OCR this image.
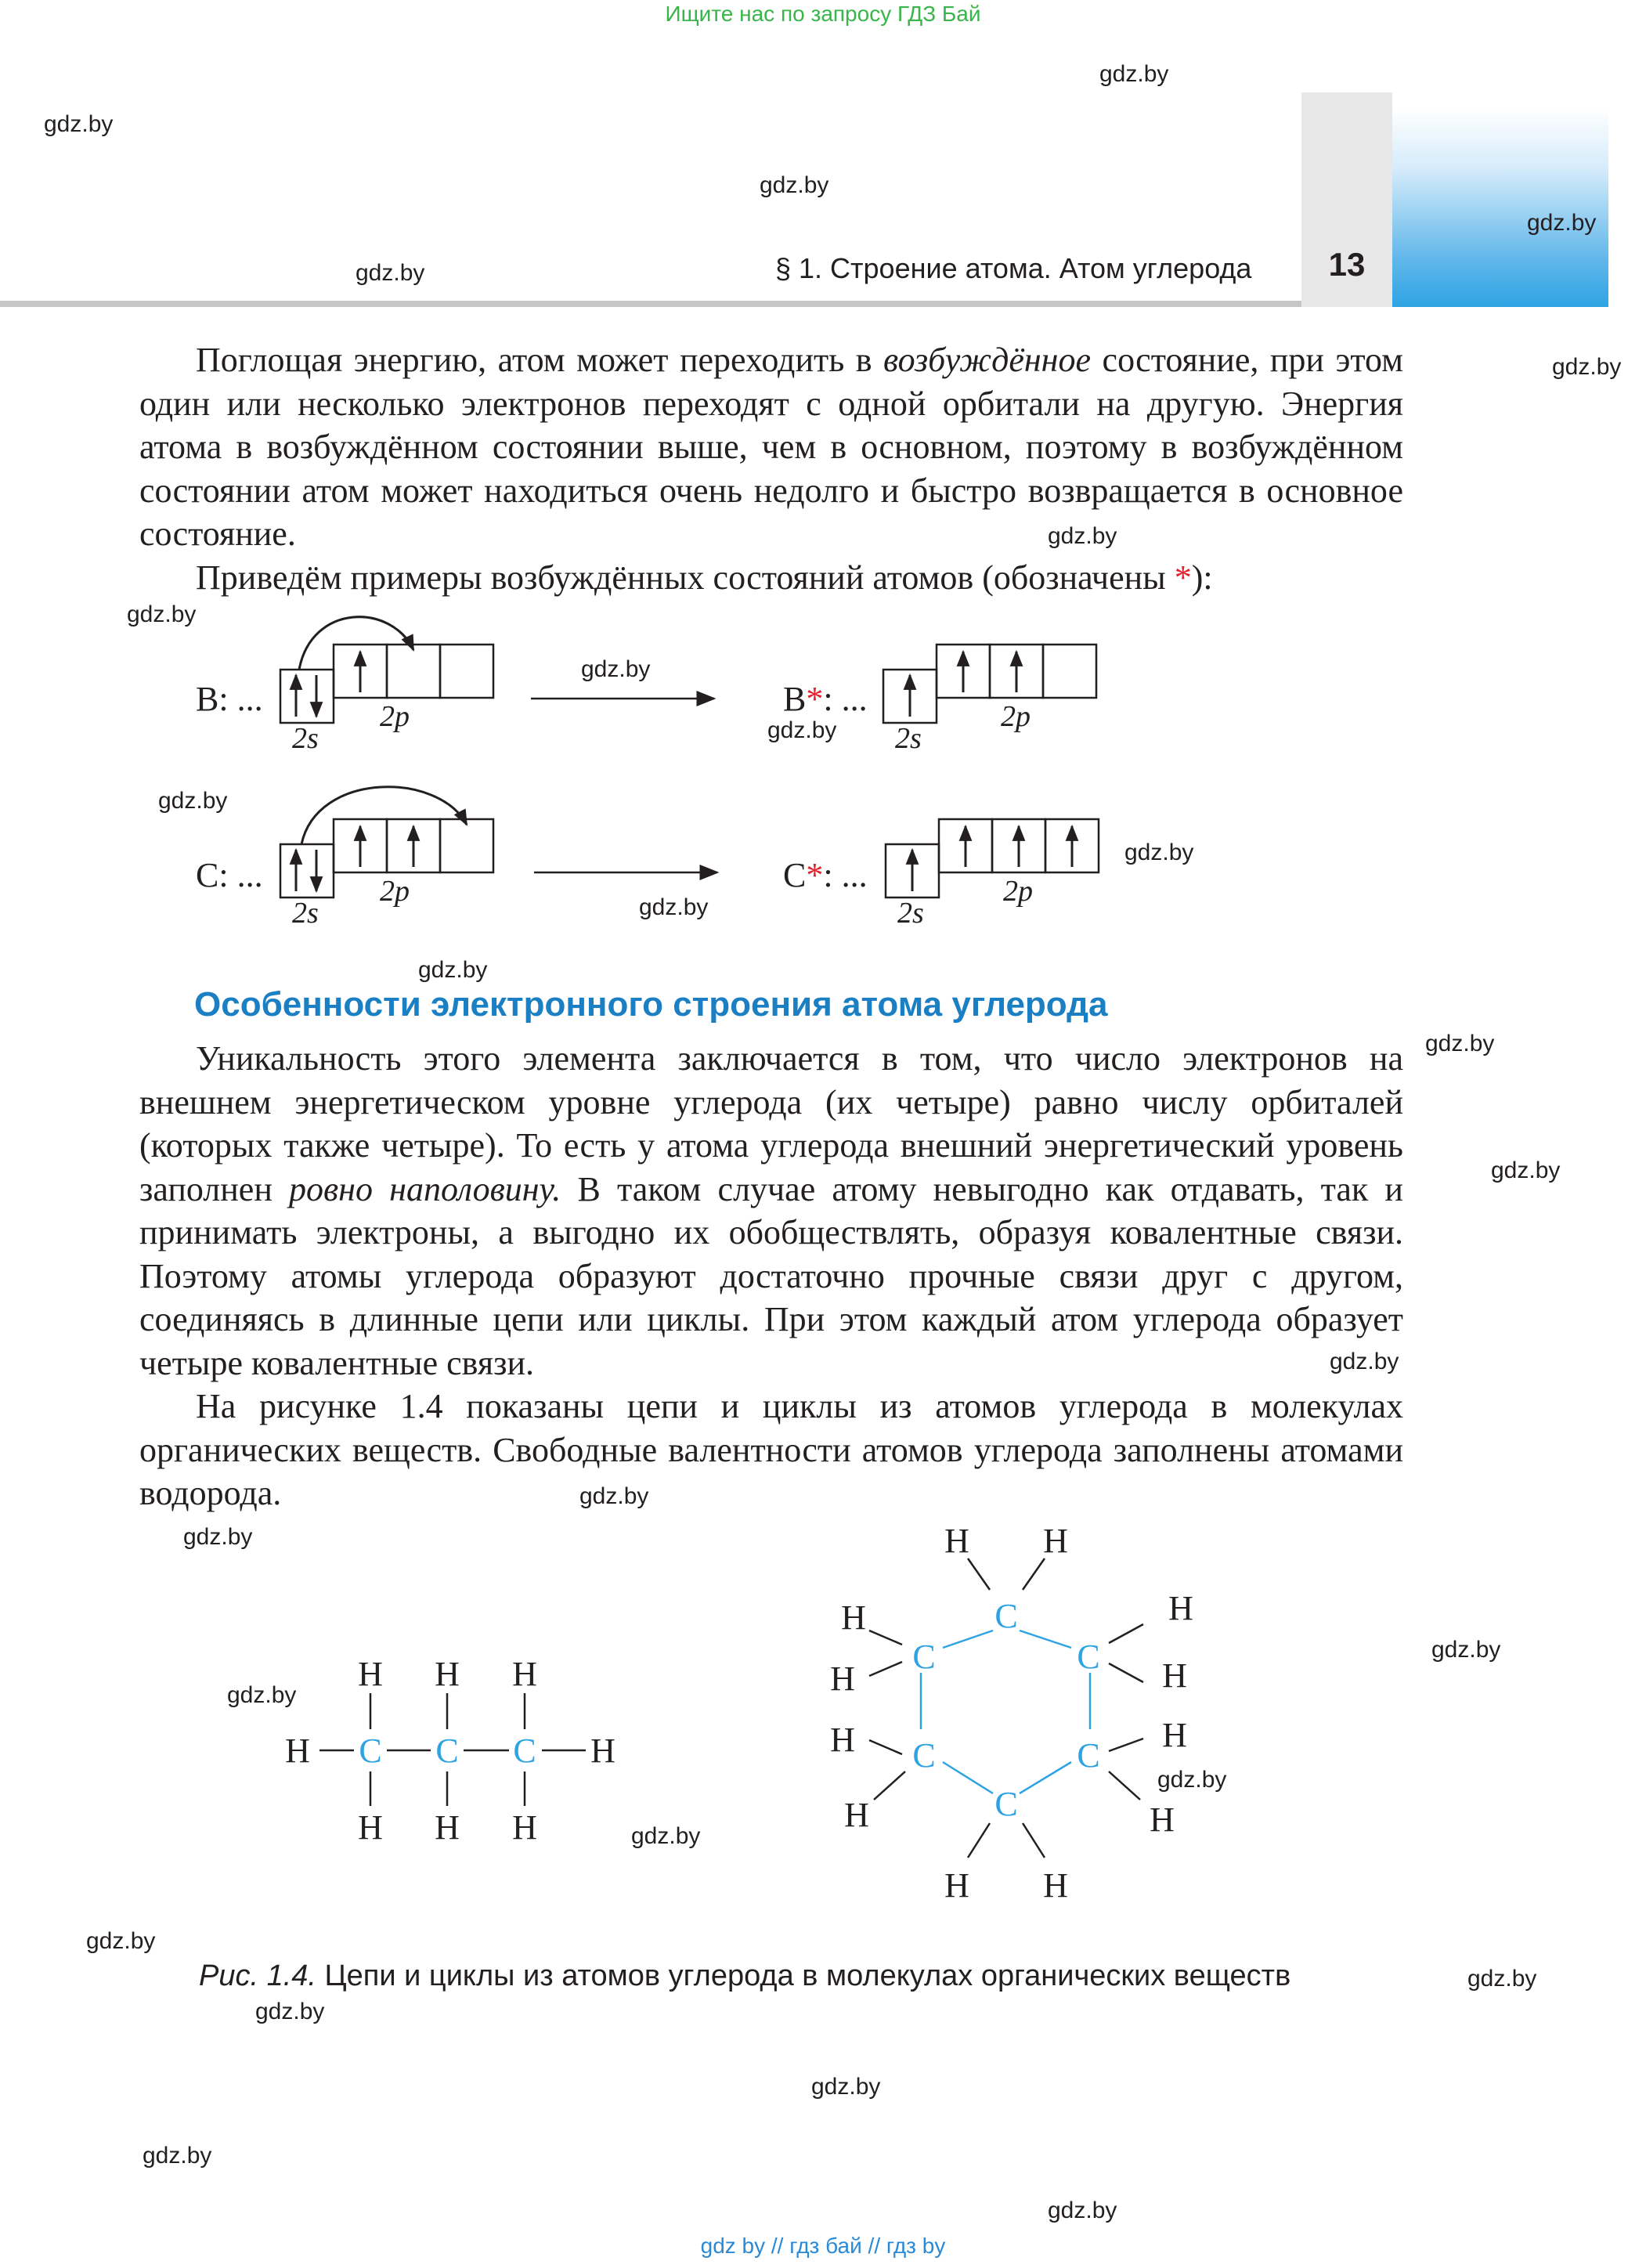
Ищите нас по запросу ГДЗ Бай
§ 1. Строение атома. Атом углерода	13

Поглощая энергию, атом может переходить в возбуждённое состояние, при этом один или несколько электронов переходят с одной орбитали на другую. Энергия атома в возбуждённом состоянии выше, чем в основном, поэтому в возбуждённом состоянии атом может находиться очень недолго и быстро возвращается в основное состояние.

Приведём примеры возбуждённых состояний атомов (обозначены *):

B: ...
2s
2p	B*: ...
2s
2p
C: ...
2s
2p	C*: ...
2s
2p
Особенности электронного строения атома углерода

Уникальность этого элемента заключается в том, что число электронов на внешнем энергетическом уровне углерода (их четыре) равно числу орбиталей (которых также четыре). То есть у атома углерода внешний энергетический уровень заполнен ровно наполовину. В таком случае атому невыгодно как отдавать, так и принимать электроны, а выгодно их обобществлять, образуя ковалентные связи. Поэтому атомы углерода образуют достаточно прочные связи друг с другом, соединяясь в длинные цепи или циклы. При этом каждый атом углерода образует четыре ковалентные связи.

На рисунке 1.4 показаны цепи и циклы из атомов углерода в молекулах органических веществ. Свободные валентности атомов углерода заполнены атомами водорода.

H C C C H
H H H
H H H
C
C	C
C	C
C
H H
H
H
H
H
H
H
H
H
H H
Рис. 1.4. Цепи и циклы из атомов углерода в молекулах органических веществ
gdz.by
gdz.by
gdz.by
gdz.by
gdz.by
gdz.by
gdz.by
gdz.by
gdz.by
gdz.by
gdz.by
gdz.by
gdz.by
gdz.by
gdz.by
gdz.by
gdz.by
gdz.by
gdz.by
gdz.by
gdz.by
gdz.by
gdz.by
gdz.by
gdz.by
gdz.by
gdz.by
gdz.by
gdz.by
gdz by // гдз бай // гдз by
